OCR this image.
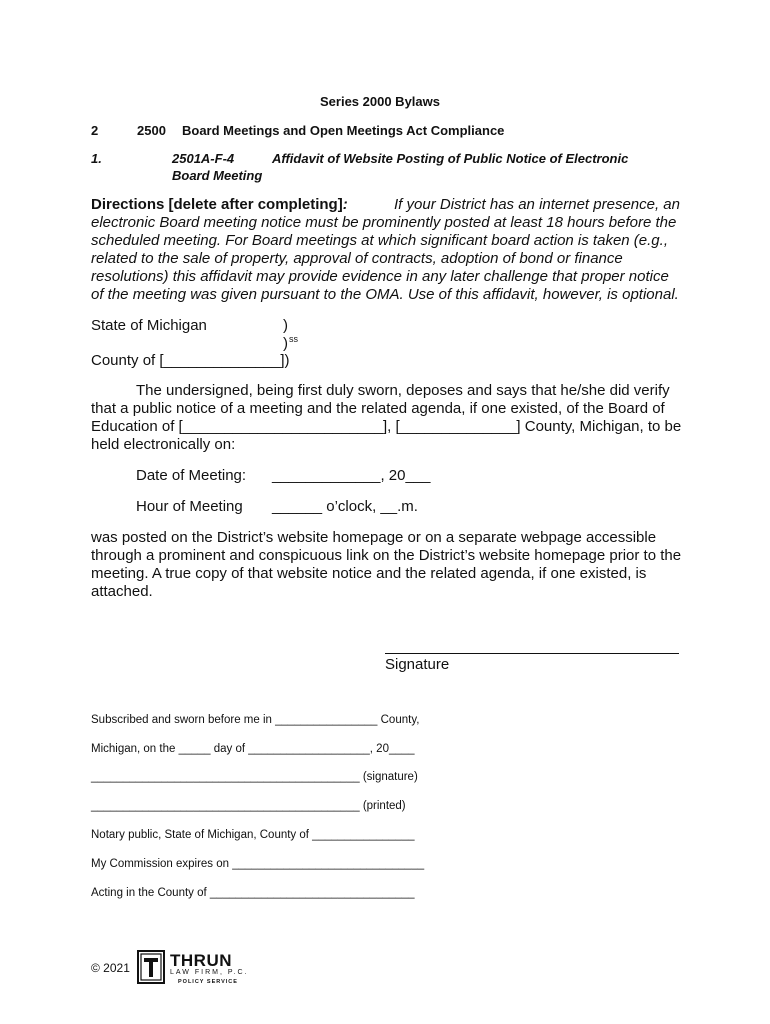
Series 2000 Bylaws
2	2500 Board Meetings and Open Meetings Act Compliance
1.	2501A-F-4	Affidavit of Website Posting of Public Notice of Electronic
Board Meeting
Directions [delete after completing]:	If your District has an internet presence, an
electronic Board meeting notice must be prominently posted at least 18 hours before the
scheduled meeting. For Board meetings at which significant board action is taken (e.g.,
related to the sale of property, approval of contracts, adoption of bond or finance
resolutions) this affidavit may provide evidence in any later challenge that proper notice
of the meeting was given pursuant to the OMA. Use of this affidavit, however, is optional.
State of Michigan	)
) ss
County of [______________])
The undersigned, being first duly sworn, deposes and says that he/she did verify
that a public notice of a meeting and the related agenda, if one existed, of the Board of
Education of [________________________], [______________] County, Michigan, to be
held electronically on:
Date of Meeting: _____________, 20___
Hour of Meeting ______ o’clock, __.m.
was posted on the District’s website homepage or on a separate webpage accessible
through a prominent and conspicuous link on the District’s website homepage prior to the
meeting. A true copy of that website notice and the related agenda, if one existed, is
attached.
Signature
Subscribed and sworn before me in ________________ County,
Michigan, on the _____ day of ___________________, 20____
__________________________________________ (signature)
__________________________________________ (printed)
Notary public, State of Michigan, County of ________________
My Commission expires on ______________________________
Acting in the County of ________________________________
© 2021 THRUN
LAW FIRM, P.C.
POLICY SERVICE
